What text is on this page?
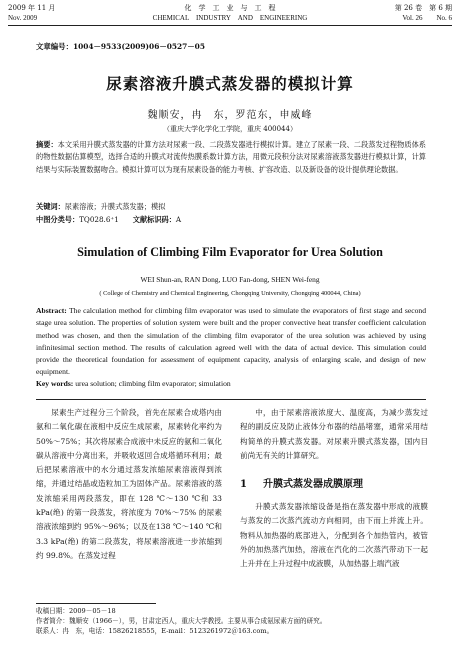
2009 年 11 月
Nov. 2009
化　学　工　业　与　工　程
CHEMICAL　INDUSTRY　AND　ENGINEERING
第 26 卷　第 6 期
Vol. 26　　No. 6
文章编号：1004－9533(2009)06－0527－05
尿素溶液升膜式蒸发器的模拟计算
魏顺安，冉　东，罗范东，申威峰
（重庆大学化学化工学院，重庆 400044）
摘要：本文采用升膜式蒸发器的计算方法对尿素一段、二段蒸发器进行模拟计算。建立了尿素一段、二段蒸发过程物质体系的物性数据估算模型，选择合适的升膜式对流传热膜系数计算方法，用微元段积分法对尿素溶液蒸发器进行模拟计算，计算结果与实际装置数据吻合。模拟计算可以为现有尿素设备的能力考核、扩容改造、以及新设备的设计提供理论数据。
关键词：尿素溶液；升膜式蒸发器；模拟
中图分类号：TQ028.6⁺1 文献标识码：A
Simulation of Climbing Film Evaporator for Urea Solution
WEI Shun-an, RAN Dong, LUO Fan-dong, SHEN Wei-feng
( College of Chemistry and Chemical Engineering, Chongqing University, Chongqing 400044, China)
Abstract: The calculation method for climbing film evaporator was used to simulate the evaporators of first stage and second stage urea solution. The properties of solution system were built and the proper convective heat transfer coefficient calculation method was chosen, and then the simulation of the climbing film evaporator of the urea solution was achieved by using infinitesimal section method. The results of calculation agreed well with the data of actual device. This simulation could provide the theoretical foundation for assessment of equipment capacity, analysis of enlarging scale, and design of new equipment.
Key words: urea solution; climbing film evaporator; simulation
尿素生产过程分三个阶段，首先在尿素合成塔内由氨和二氧化碳在液相中反应生成尿素，尿素转化率约为 50%～75%；其次将尿素合成液中未反应的氨和二氧化碳从溶液中分离出来，并吸收返回合成塔循环利用；最后把尿素溶液中的水分通过蒸发浓缩尿素溶液得到浓缩，并通过结晶或造粒加工为固体产品。尿素溶液的蒸发浓缩采用两段蒸发，即在 128 ℃～130 ℃和 33 kPa(绝) 的第一段蒸发，将浓度为 70%～75% 的尿素溶液浓缩到约 95%～96%；以及在138 ℃～140 ℃和 3.3 kPa(绝) 的第二段蒸发，将尿素溶液进一步浓缩到约 99.8%。在蒸发过程
中，由于尿素溶液浓度大、温度高，为减少蒸发过程的副反应及防止液体分布器的结晶堵塞，通常采用结构简单的升膜式蒸发器。对尿素升膜式蒸发器，国内目前尚无有关的计算研究。
1 升膜式蒸发器成膜原理
升膜式蒸发器浓缩设备是指在蒸发器中形成的液膜与蒸发的二次蒸汽流动方向相同，由下而上并流上升。物料从加热器的底部进入，分配到各个加热管内，被管外的加热蒸汽加热，溶液在汽化的二次蒸汽带动下一起上升并在上升过程中成液膜，从加热器上端汽液
收稿日期：2009－05－18
作者简介：魏顺安（1966－），男，甘肃定西人，重庆大学教授。主要从事合成氨尿素方面的研究。
联系人：冉　东，电话：15826218555，E-mail：5123261972＠163.com。
